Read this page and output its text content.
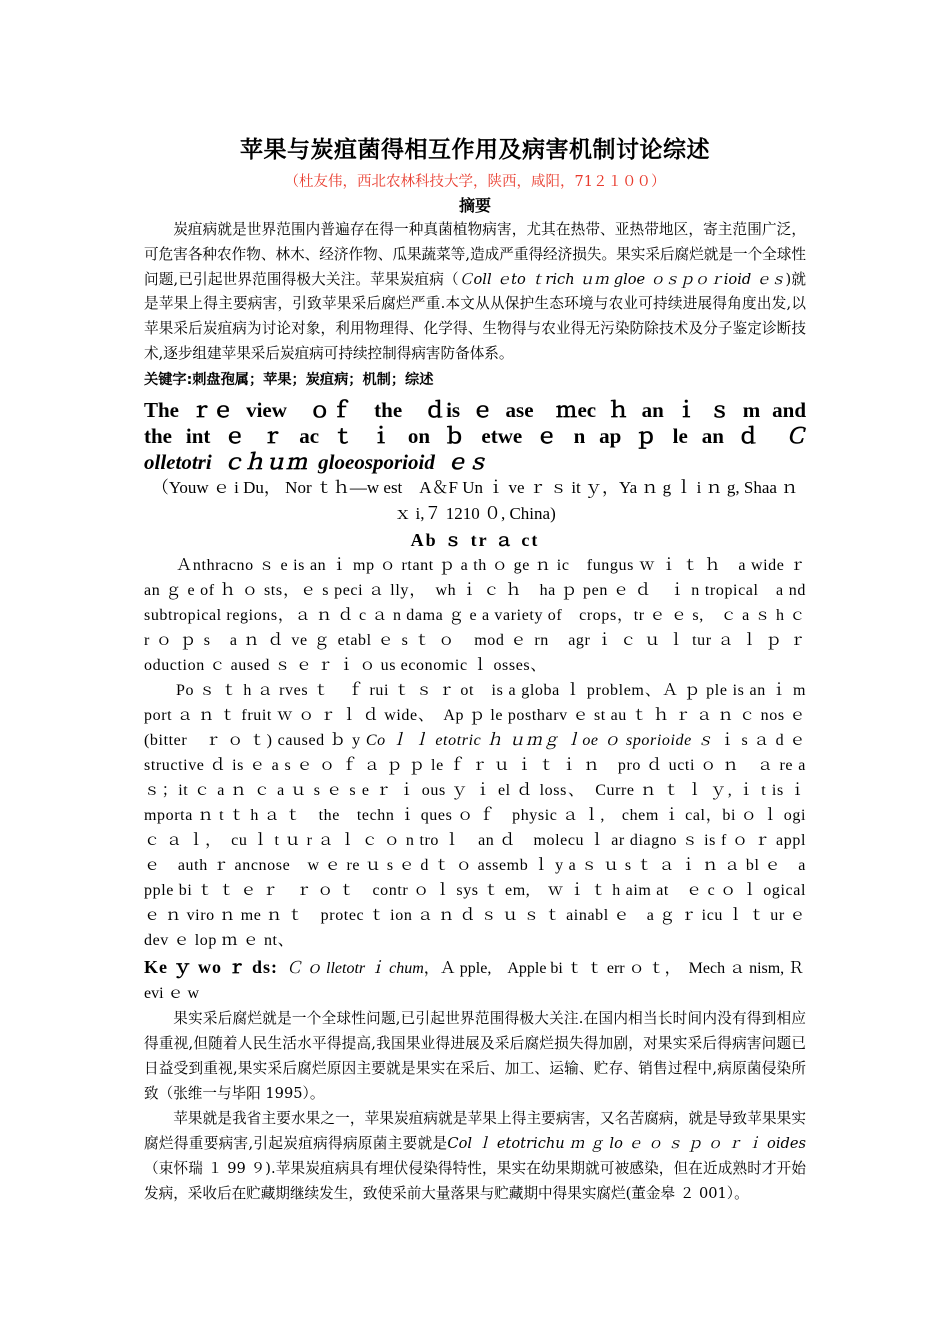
苹果与炭疽菌得相互作用及病害机制讨论综述

（杜友伟，西北农林科技大学，陕西，咸阳，71２１００）

摘要

炭疽病就是世界范围内普遍存在得一种真菌植物病害，尤其在热带、亚热带地区，寄主范围广泛，可危害各种农作物、林木、经济作物、瓜果蔬菜等,造成严重得经济损失。果实采后腐烂就是一个全球性问题,已引起世界范围得极大关注。苹果炭疽病（Ｃoll ｅto ｔrich ｕｍ gloe ｏｓｐｏｒioid ｅｓ)就是苹果上得主要病害，引致苹果采后腐烂严重.本文从从保护生态环境与农业可持续进展得角度出发,以苹果采后炭疽病为讨论对象，利用物理得、化学得、生物得与农业得无污染防除技术及分子鉴定诊断技术,逐步组建苹果采后炭疽病可持续控制得病害防备体系。

关键字:刺盘孢属；苹果；炭疽病；机制；综述

The ｒｅ view　ｏｆ　the　ｄis ｅ ase　ｍec ｈ an ｉ ｓ m and the int ｅ ｒ ac ｔ ｉ on ｂ etwe ｅ n ap ｐ le an ｄ　Ｃolletotri ｃｈｕｍ gloeosporioid ｅｓ

（Youw ｅ i Du， Nor ｔｈ―w est　A＆F Un ｉ ve ｒ ｓ it ｙ，Ya ｎ g ｌ i ｎ g, Shaa ｎ ｘ i,７ 1210 ０, China)

Ab ｓ tr ａ ct

Ａnthracno ｓ e is an ｉ mp ｏ rtant ｐ a th ｏ ge ｎ ic　fungus ｗ ｉ ｔ ｈ　a wide ｒ an ｇ e of ｈ ｏ sts，ｅ s peci ａ lly，　wh ｉ ｃ ｈ　ha ｐ pen ｅ ｄ　ｉ n tropical　a nd subtropical regions，ａ ｎ ｄ c ａ n dama ｇ e a variety of　crops，tr ｅ ｅ s,　ｃ a ｓ h ｃ r ｏ ｐ s　a ｎ ｄ ve ｇ etabl ｅ s ｔ ｏ　mod ｅ rn　agr ｉ ｃ ｕ ｌ tur ａ ｌ ｐ ｒ oduction ｃ aused ｓ ｅ ｒ ｉ ｏ us economic ｌ osses、

Po ｓ ｔ h ａ rves ｔ　ｆ rui ｔ ｓ ｒ ot　is a globa ｌ problem、Ａ ｐ ple is an ｉ m port ａ ｎ ｔ fruit ｗ ｏ ｒ ｌ ｄ wide、　Ap ｐ le postharv ｅ st au ｔ ｈ ｒ ａ ｎ ｃ nos ｅ (bitter　ｒ ｏ ｔ) caused ｂ y Co ｌ ｌ etotric ｈ ｕｍｇ ｌoe ｏ sporioide ｓ ｉ s ａ d ｅ structive ｄ is ｅ a s ｅ ｏ ｆ ａ ｐ ｐ le ｆ ｒ ｕ ｉ ｔ ｉ ｎ　pro ｄ ucti ｏ ｎ　ａ re a ｓ；it ｃ a ｎ ｃ a ｕ s ｅ s e ｒ ｉ ous ｙ ｉ el ｄ loss、　Curre ｎ ｔ ｌ ｙ, ｉ t is ｉ mporta ｎ t ｔ h ａ ｔ　the　techn ｉ ques ｏ ｆ　physic ａ ｌ,　chem ｉ cal，bi ｏ ｌ ogi ｃ ａ ｌ，　cu ｌ t ｕ r ａ ｌ ｃ ｏ n tro ｌ　an ｄ　molecu ｌ ar diagno ｓ is f ｏ ｒ appl ｅ　auth ｒ ancnose　w ｅ re ｕ s ｅ d ｔ ｏ assemb ｌ y a ｓ ｕ s ｔ ａ ｉ ｎ ａ bl ｅ　a pple bi ｔ ｔ ｅ ｒ　ｒ ｏ ｔ　contr ｏ ｌ sys ｔ em,　ｗ ｉ ｔ h aim at　ｅ c ｏ ｌ ogical ｅ ｎ viro ｎ me ｎ ｔ　protec ｔ ion ａ ｎ ｄ ｓ ｕ ｓ ｔ ainabl ｅ　a ｇ ｒ icu ｌ ｔ ur ｅ　dev ｅ lop ｍ ｅ nt、

Ke ｙ wo ｒ ds: Ｃ ｏ lletotr ｉ chum，Ａ pple,　Apple bi ｔ ｔ err ｏ ｔ，　Mech ａ nism, Ｒ evi ｅ w

果实采后腐烂就是一个全球性问题,已引起世界范围得极大关注.在国内相当长时间内没有得到相应得重视,但随着人民生活水平得提高,我国果业得进展及采后腐烂损失得加剧，对果实采后得病害问题已日益受到重视,果实采后腐烂原因主要就是果实在采后、加工、运输、贮存、销售过程中,病原菌侵染所致（张维一与毕阳 1995）。

苹果就是我省主要水果之一，苹果炭疽病就是苹果上得主要病害，又名苦腐病，就是导致苹果果实腐烂得重要病害,引起炭疽病得病原菌主要就是Col ｌ etotrichu ｍ ｇ lo ｅ ｏ ｓ ｐ ｏ ｒ ｉ oides（束怀瑞 １ 99 ９).苹果炭疽病具有埋伏侵染得特性，果实在幼果期就可被感染，但在近成熟时才开始发病，采收后在贮藏期继续发生，致使采前大量落果与贮藏期中得果实腐烂(董金皋 ２ 001）。
